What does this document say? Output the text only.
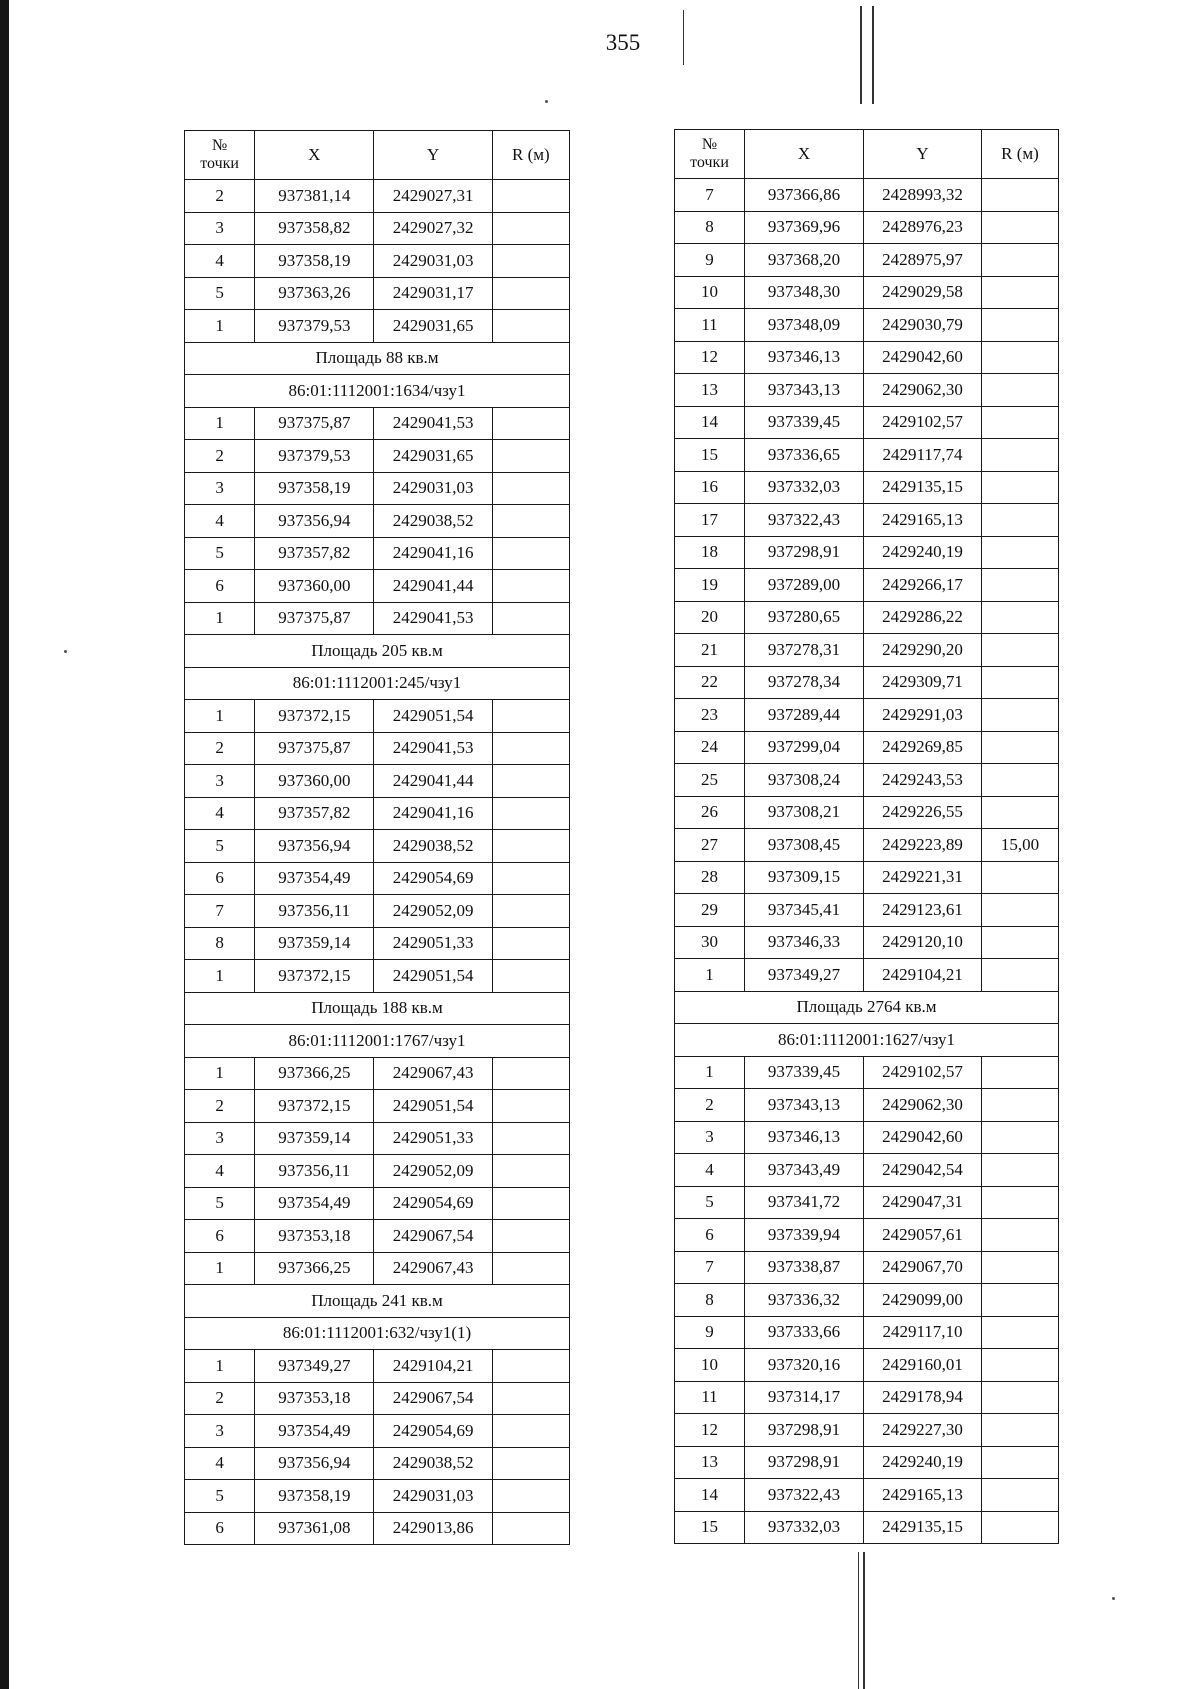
355
№
точки	X	Y	R (м)
2	937381,14	2429027,31	
3	937358,82	2429027,32	
4	937358,19	2429031,03	
5	937363,26	2429031,17	
1	937379,53	2429031,65	
Площадь 88 кв.м			
86:01:1112001:1634/чзу1			
1	937375,87	2429041,53	
2	937379,53	2429031,65	
3	937358,19	2429031,03	
4	937356,94	2429038,52	
5	937357,82	2429041,16	
6	937360,00	2429041,44	
1	937375,87	2429041,53	
Площадь 205 кв.м			
86:01:1112001:245/чзу1			
1	937372,15	2429051,54	
2	937375,87	2429041,53	
3	937360,00	2429041,44	
4	937357,82	2429041,16	
5	937356,94	2429038,52	
6	937354,49	2429054,69	
7	937356,11	2429052,09	
8	937359,14	2429051,33	
1	937372,15	2429051,54	
Площадь 188 кв.м			
86:01:1112001:1767/чзу1			
1	937366,25	2429067,43	
2	937372,15	2429051,54	
3	937359,14	2429051,33	
4	937356,11	2429052,09	
5	937354,49	2429054,69	
6	937353,18	2429067,54	
1	937366,25	2429067,43	
Площадь 241 кв.м			
86:01:1112001:632/чзу1(1)			
1	937349,27	2429104,21	
2	937353,18	2429067,54	
3	937354,49	2429054,69	
4	937356,94	2429038,52	
5	937358,19	2429031,03	
6	937361,08	2429013,86	
№
точки	X	Y	R (м)
7	937366,86	2428993,32	
8	937369,96	2428976,23	
9	937368,20	2428975,97	
10	937348,30	2429029,58	
11	937348,09	2429030,79	
12	937346,13	2429042,60	
13	937343,13	2429062,30	
14	937339,45	2429102,57	
15	937336,65	2429117,74	
16	937332,03	2429135,15	
17	937322,43	2429165,13	
18	937298,91	2429240,19	
19	937289,00	2429266,17	
20	937280,65	2429286,22	
21	937278,31	2429290,20	
22	937278,34	2429309,71	
23	937289,44	2429291,03	
24	937299,04	2429269,85	
25	937308,24	2429243,53	
26	937308,21	2429226,55	
27	937308,45	2429223,89	15,00
28	937309,15	2429221,31	
29	937345,41	2429123,61	
30	937346,33	2429120,10	
1	937349,27	2429104,21	
Площадь 2764 кв.м			
86:01:1112001:1627/чзу1			
1	937339,45	2429102,57	
2	937343,13	2429062,30	
3	937346,13	2429042,60	
4	937343,49	2429042,54	
5	937341,72	2429047,31	
6	937339,94	2429057,61	
7	937338,87	2429067,70	
8	937336,32	2429099,00	
9	937333,66	2429117,10	
10	937320,16	2429160,01	
11	937314,17	2429178,94	
12	937298,91	2429227,30	
13	937298,91	2429240,19	
14	937322,43	2429165,13	
15	937332,03	2429135,15	
